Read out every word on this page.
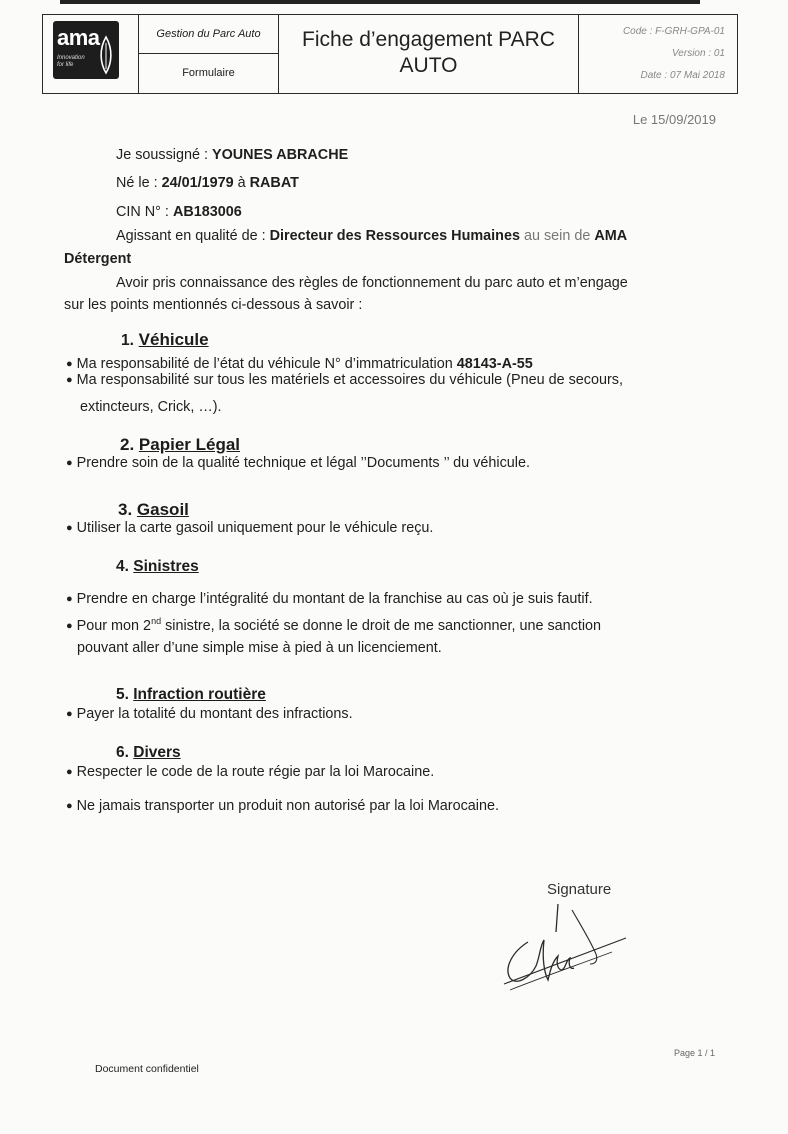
ama
Innovation
for life
Gestion du Parc Auto
Formulaire
Fiche d’engagement PARC
AUTO
Code : F-GRH-GPA-01
Version : 01
Date : 07 Mai 2018
Le 15/09/2019
Je soussigné : YOUNES ABRACHE
Né le : 24/01/1979 à RABAT
CIN N° : AB183006
Agissant en qualité de : Directeur des Ressources Humaines au sein de AMA
Détergent
Avoir pris connaissance des règles de fonctionnement du parc auto et m’engage
sur les points mentionnés ci-dessous à savoir :
1. Véhicule
● Ma responsabilité de l’état du véhicule N° d’immatriculation 48143-A-55
● Ma responsabilité sur tous les matériels et accessoires du véhicule (Pneu de secours,
extincteurs, Crick, …).
2. Papier Légal
● Prendre soin de la qualité technique et légal ’’Documents ’’ du véhicule.
3. Gasoil
● Utiliser la carte gasoil uniquement pour le véhicule reçu.
4. Sinistres
● Prendre en charge l’intégralité du montant de la franchise au cas où je suis fautif.
● Pour mon 2nd sinistre, la société se donne le droit de me sanctionner, une sanction
pouvant aller d’une simple mise à pied à un licenciement.
5. Infraction routière
● Payer la totalité du montant des infractions.
6. Divers
● Respecter le code de la route régie par la loi Marocaine.
● Ne jamais transporter un produit non autorisé par la loi Marocaine.
Signature
Page 1 / 1
Document confidentiel
